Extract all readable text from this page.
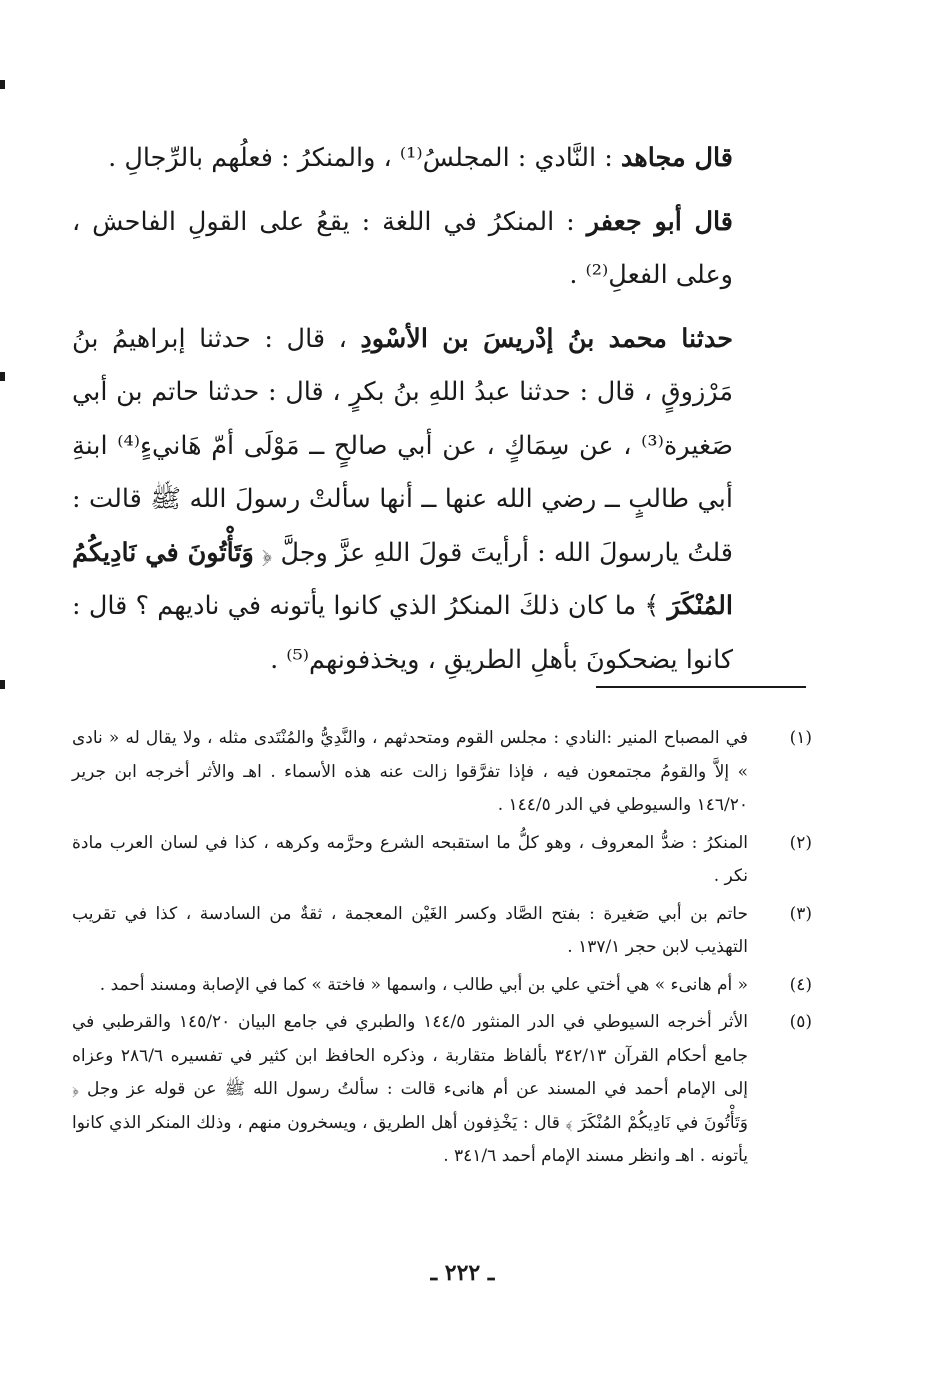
قال مجاهد : النَّادي : المجلسُ⁽¹⁾ ، والمنكرُ : فعلُهم بالرِّجالِ .

قال أبو جعفر : المنكرُ في اللغة : يقعُ على القولِ الفاحش ، وعلى الفعلِ⁽²⁾ .

حدثنا محمد بنُ إدْريسَ بن الأسْودِ ، قال : حدثنا إبراهيمُ بنُ مَرْزوقٍ ، قال : حدثنا عبدُ اللهِ بنُ بكرٍ ، قال : حدثنا حاتم بن أبي صَغيرة⁽³⁾ ، عن سِمَاكٍ ، عن أبي صالحٍ ــ مَوْلَى أمّ هَانيءٍ⁽⁴⁾ ابنةِ أبي طالبٍ ــ رضي الله عنها ــ أنها سألتْ رسولَ الله ﷺ قالت : قلتُ يارسولَ الله : أرأيتَ قولَ اللهِ عزَّ وجلَّ ﴿ وَتَأْتُونَ في نَادِيكُمُ المُنْكَرَ ﴾ ما كان ذلكَ المنكرُ الذي كانوا يأتونه في ناديهم ؟ قال : كانوا يضحكونَ بأهلِ الطريقِ ، ويخذفونهم⁽⁵⁾ .

(١)
في المصباح المنير :النادي : مجلس القوم ومتحدثهم ، والنَّدِيُّ والمُنْتَدى مثله ، ولا يقال له « نادى » إلاَّ والقومُ مجتمعون فيه ، فإذا تفرَّقوا زالت عنه هذه الأسماء . اهـ والأثر أخرجه ابن جرير ١٤٦/٢٠ والسيوطي في الدر ١٤٤/٥ .
(٢)
المنكرُ : ضدُّ المعروف ، وهو كلُّ ما استقبحه الشرع وحرَّمه وكرهه ، كذا في لسان العرب مادة نكر .
(٣)
حاتم بن أبي صَغيرة : بفتح الصَّاد وكسر الغَيْن المعجمة ، ثقةٌ من السادسة ، كذا في تقريب التهذيب لابن حجر ١٣٧/١ .
(٤)
« أم هانىء » هي أختي علي بن أبي طالب ، واسمها « فاختة » كما في الإصابة ومسند أحمد .
(٥)
الأثر أخرجه السيوطي في الدر المنثور ١٤٤/٥ والطبري في جامع البيان ١٤٥/٢٠ والقرطبي في جامع أحكام القرآن ٣٤٢/١٣ بألفاظ متقاربة ، وذكره الحافظ ابن كثير في تفسيره ٢٨٦/٦ وعزاه إلى الإمام أحمد في المسند عن أم هانىء قالت : سألتُ رسول الله ﷺ عن قوله عز وجل ﴿ وَتَأْتُونَ في نَادِيكُمْ المُنْكَرَ ﴾ قال : يَخْذِفون أهل الطريق ، ويسخرون منهم ، وذلك المنكر الذي كانوا يأتونه . اهـ وانظر مسند الإمام أحمد ٣٤١/٦ .
ـ ٢٢٢ ـ
